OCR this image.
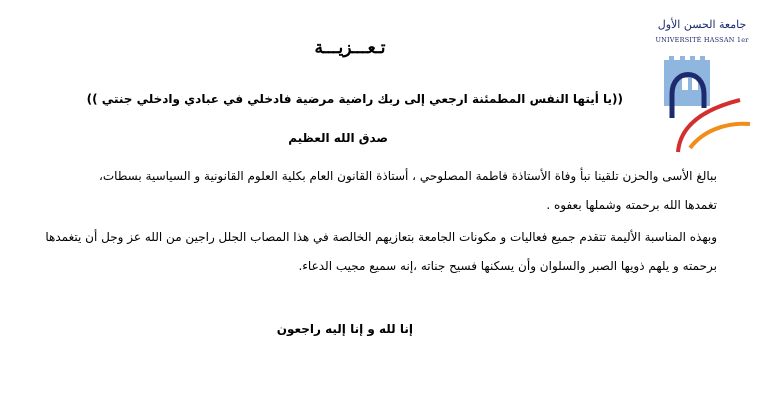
جامعة الحسن الأول
UNIVERSITÉ HASSAN 1er
تـعـــزيـــة
((يا أيتها النفس المطمئنة ارجعي إلى ربك راضية مرضية فادخلي في عبادي وادخلي جنتي ))
صدق الله العظيم
ببالغ الأسى والحزن تلقينا نبأ وفاة الأستاذة فاطمة المصلوحي ، أستاذة القانون العام بكلية العلوم القانونية و السياسية بسطات، تغمدها الله برحمته وشملها بعفوه .
وبهذه المناسبة الأليمة تتقدم جميع فعاليات و مكونات الجامعة بتعازيهم الخالصة في هذا المصاب الجلل راجين من الله عز وجل أن يتغمدها برحمته و يلهم ذويها الصبر والسلوان وأن يسكنها فسيح جناته ،إنه سميع مجيب الدعاء.
إنا لله و إنا إليه راجعون
